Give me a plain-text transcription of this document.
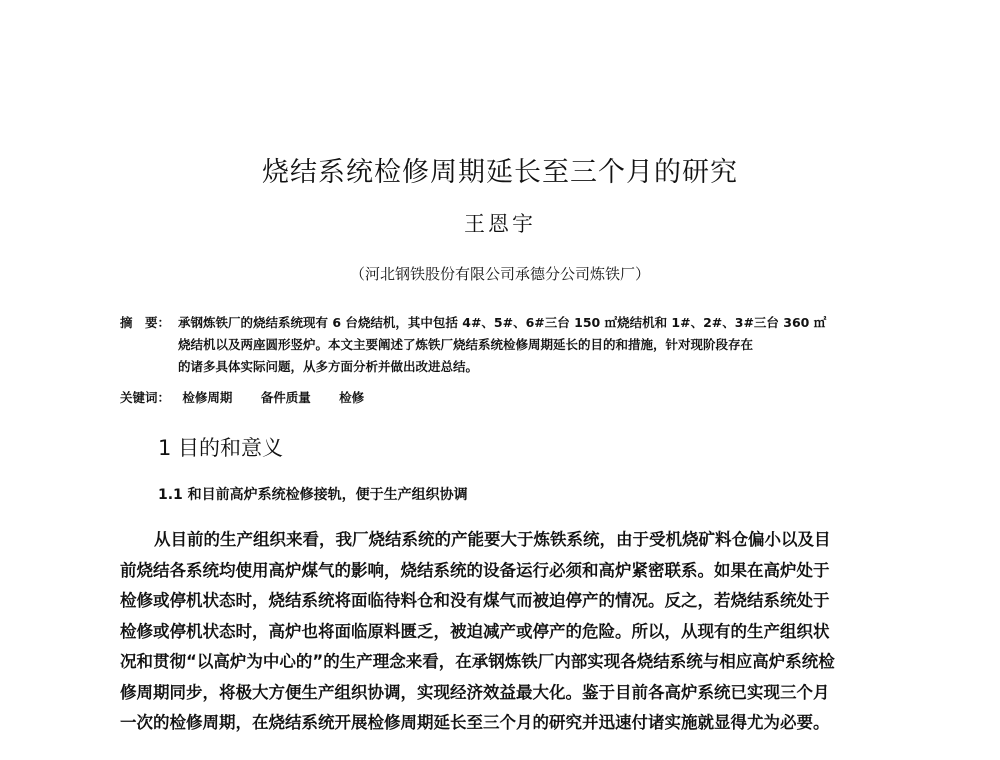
烧结系统检修周期延长至三个月的研究
王恩宇
（河北钢铁股份有限公司承德分公司炼铁厂）
摘　要： 承钢炼铁厂的烧结系统现有 6 台烧结机，其中包括 4#、5#、6#三台 150 ㎡烧结机和 1#、2#、3#三台 360 ㎡
烧结机以及两座圆形竖炉。本文主要阐述了炼铁厂烧结系统检修周期延长的目的和措施，针对现阶段存在
的诸多具体实际问题，从多方面分析并做出改进总结。
关键词： 检修周期 备件质量 检修
1 目的和意义
1.1 和目前高炉系统检修接轨，便于生产组织协调
从目前的生产组织来看，我厂烧结系统的产能要大于炼铁系统，由于受机烧矿料仓偏小以及目
前烧结各系统均使用高炉煤气的影响，烧结系统的设备运行必须和高炉紧密联系。如果在高炉处于
检修或停机状态时，烧结系统将面临待料仓和没有煤气而被迫停产的情况。反之，若烧结系统处于
检修或停机状态时，高炉也将面临原料匮乏，被迫减产或停产的危险。所以，从现有的生产组织状
况和贯彻“以高炉为中心的”的生产理念来看，在承钢炼铁厂内部实现各烧结系统与相应高炉系统检
修周期同步，将极大方便生产组织协调，实现经济效益最大化。鉴于目前各高炉系统已实现三个月
一次的检修周期，在烧结系统开展检修周期延长至三个月的研究并迅速付诸实施就显得尤为必要。
